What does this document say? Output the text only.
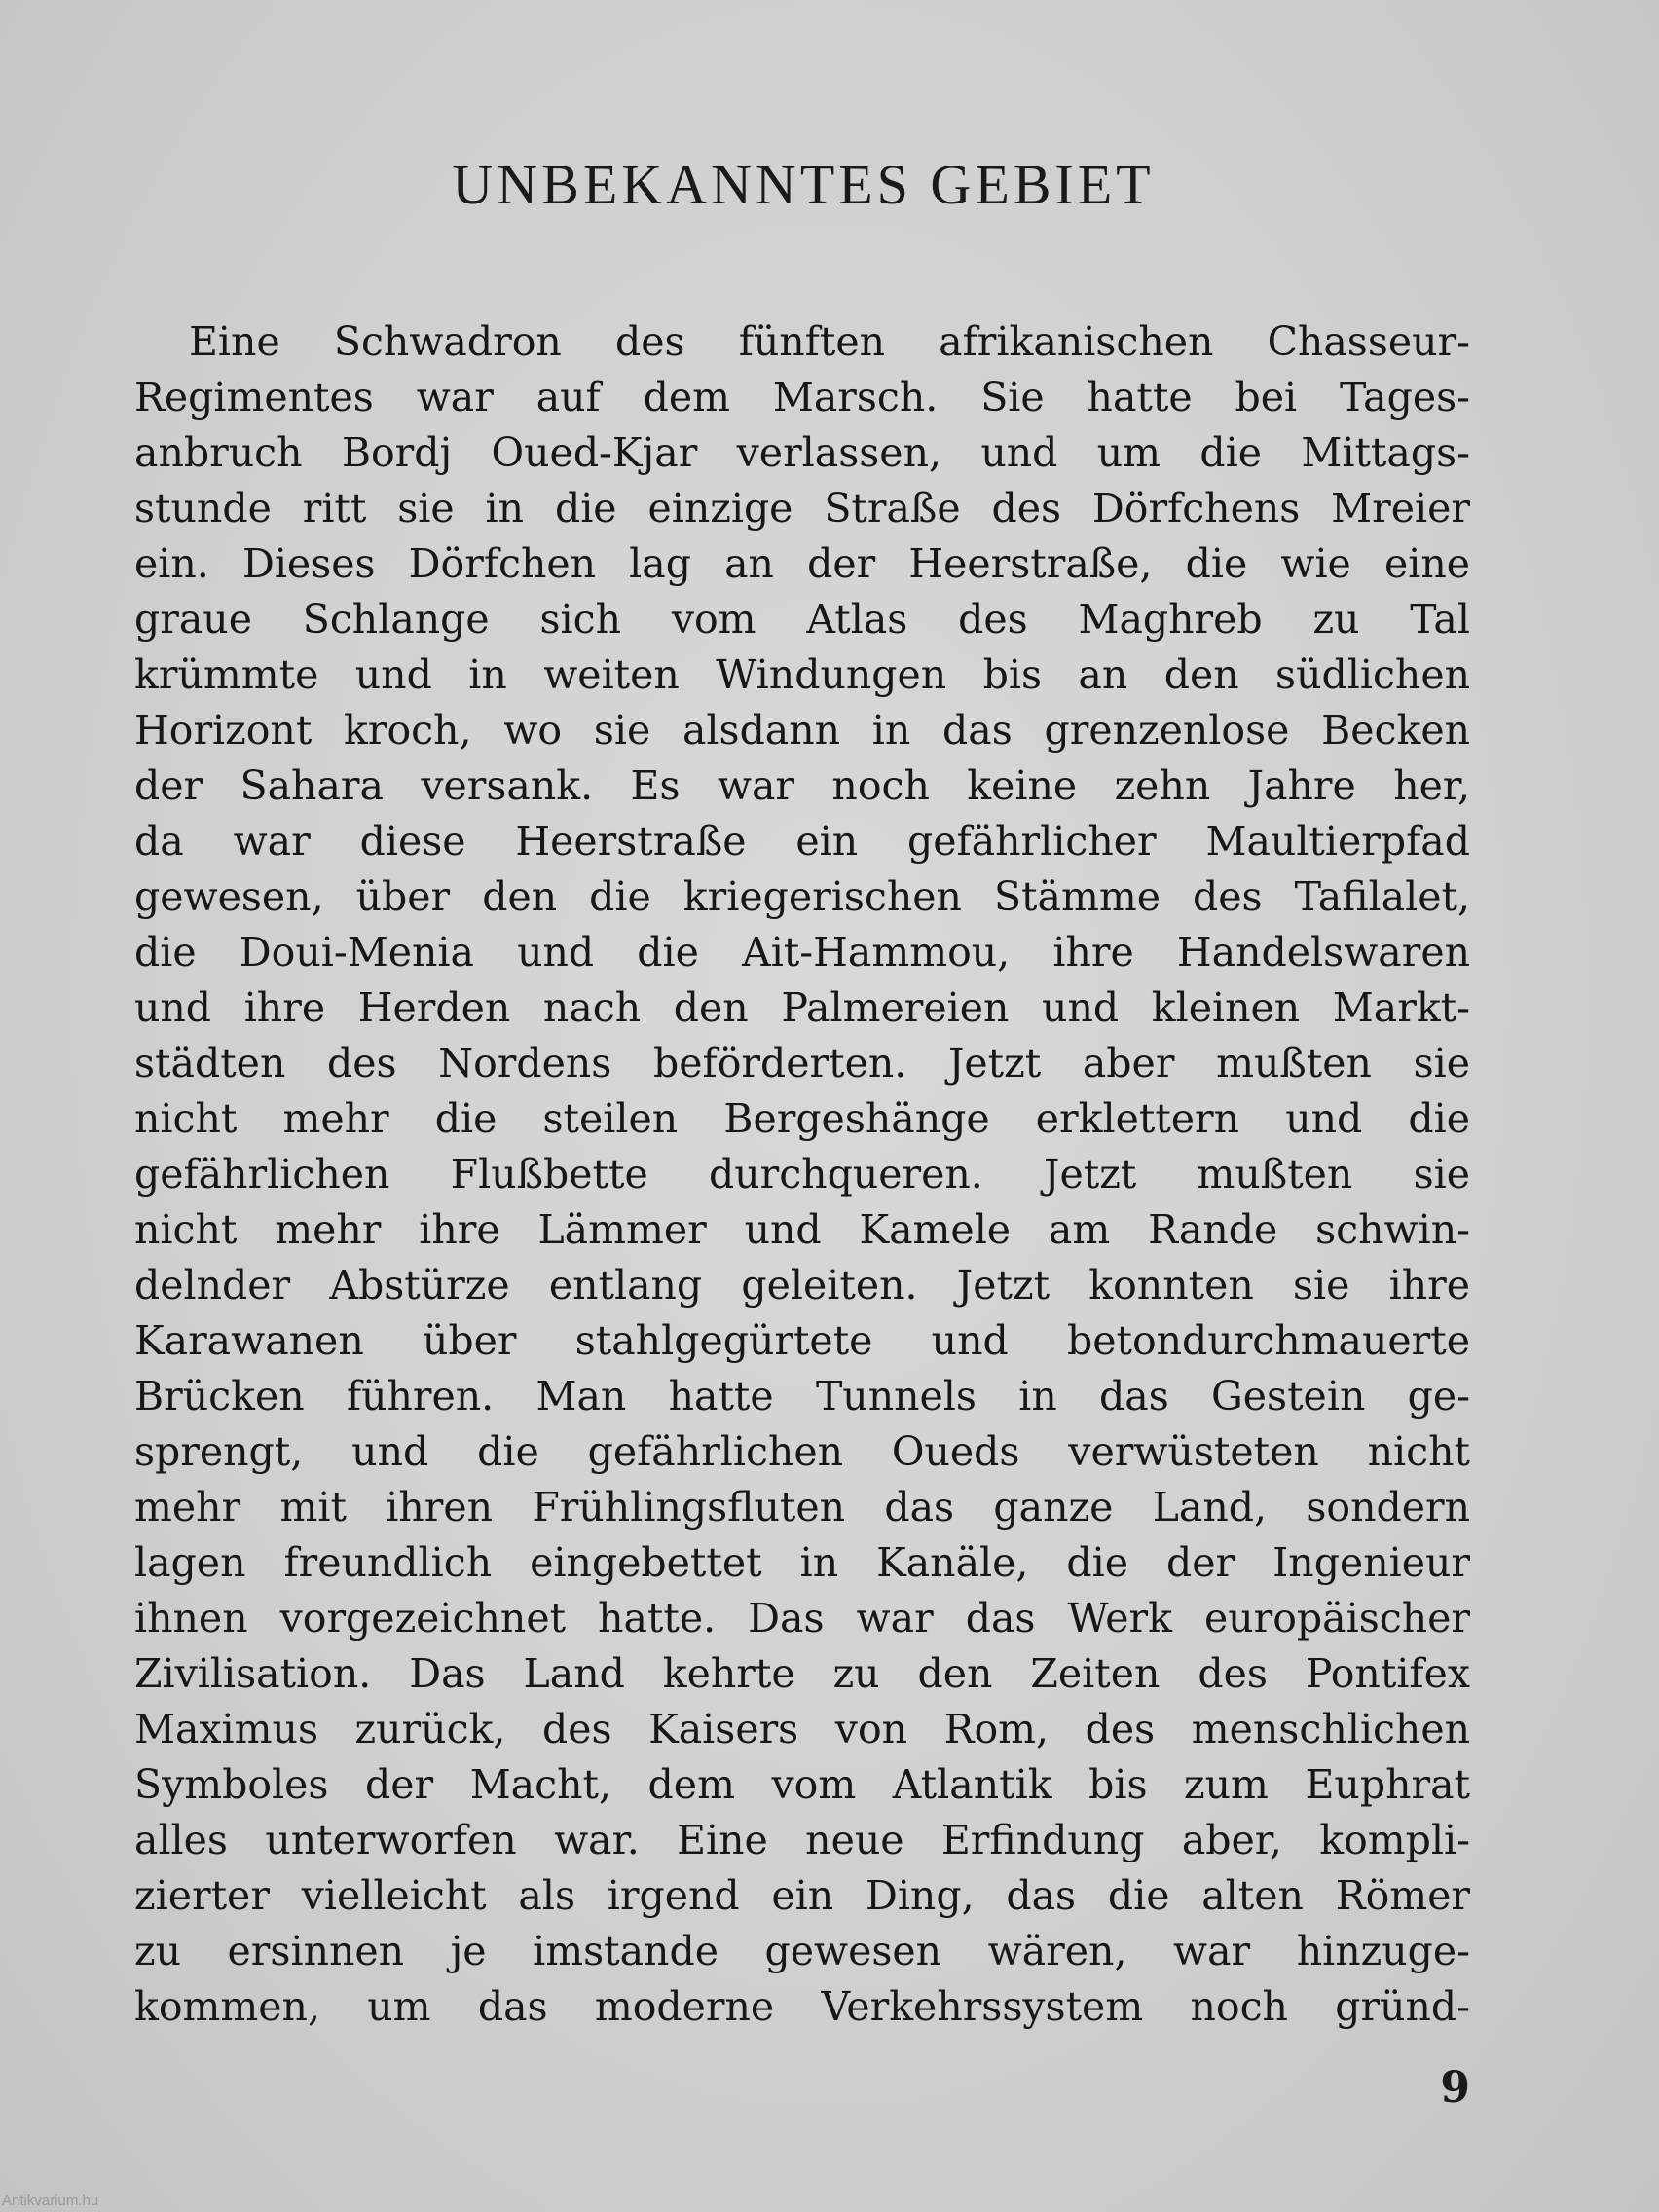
UNBEKANNTES GEBIET
Eine Schwadron des fünften afrikanischen Chasseur-
Regimentes war auf dem Marsch. Sie hatte bei Tages-
anbruch Bordj Oued-Kjar verlassen, und um die Mittags-
stunde ritt sie in die einzige Straße des Dörfchens Mreier
ein. Dieses Dörfchen lag an der Heerstraße, die wie eine
graue Schlange sich vom Atlas des Maghreb zu Tal
krümmte und in weiten Windungen bis an den südlichen
Horizont kroch, wo sie alsdann in das grenzenlose Becken
der Sahara versank. Es war noch keine zehn Jahre her,
da war diese Heerstraße ein gefährlicher Maultierpfad
gewesen, über den die kriegerischen Stämme des Tafilalet,
die Doui-Menia und die Ait-Hammou, ihre Handelswaren
und ihre Herden nach den Palmereien und kleinen Markt-
städten des Nordens beförderten. Jetzt aber mußten sie
nicht mehr die steilen Bergeshänge erklettern und die
gefährlichen Flußbette durchqueren. Jetzt mußten sie
nicht mehr ihre Lämmer und Kamele am Rande schwin-
delnder Abstürze entlang geleiten. Jetzt konnten sie ihre
Karawanen über stahlgegürtete und betondurchmauerte
Brücken führen. Man hatte Tunnels in das Gestein ge-
sprengt, und die gefährlichen Oueds verwüsteten nicht
mehr mit ihren Frühlingsfluten das ganze Land, sondern
lagen freundlich eingebettet in Kanäle, die der Ingenieur
ihnen vorgezeichnet hatte. Das war das Werk europäischer
Zivilisation. Das Land kehrte zu den Zeiten des Pontifex
Maximus zurück, des Kaisers von Rom, des menschlichen
Symboles der Macht, dem vom Atlantik bis zum Euphrat
alles unterworfen war. Eine neue Erfindung aber, kompli-
zierter vielleicht als irgend ein Ding, das die alten Römer
zu ersinnen je imstande gewesen wären, war hinzuge-
kommen, um das moderne Verkehrssystem noch gründ-
9
Antikvarium.hu
